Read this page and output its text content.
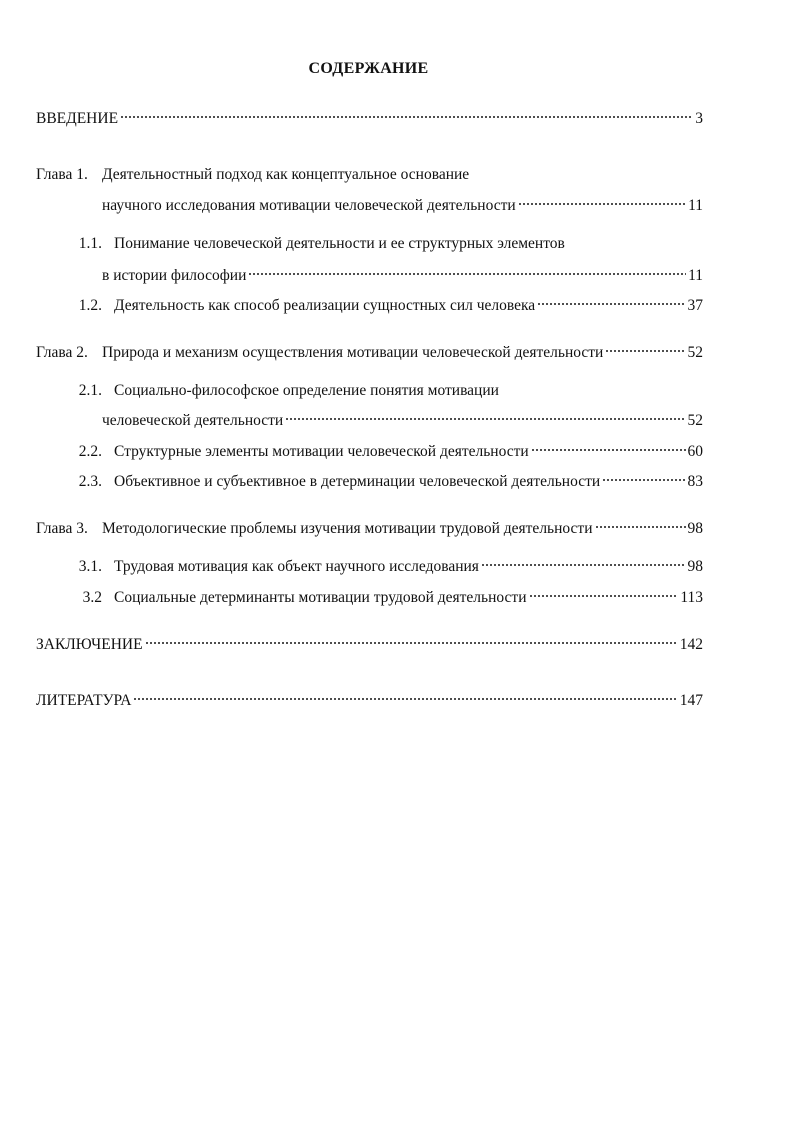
СОДЕРЖАНИЕ
ВВЕДЕНИЕ	3
Глава 1. Деятельностный подход как концептуальное основание
научного исследования мотивации человеческой деятельности	11
1.1. Понимание человеческой деятельности и ее структурных элементов
в истории философии	11
1.2. Деятельность как способ реализации сущностных сил человека	37
Глава 2. Природа и механизм осуществления мотивации человеческой деятельности	52
2.1. Социально-философское определение понятия мотивации
человеческой деятельности	52
2.2. Структурные элементы мотивации человеческой деятельности	60
2.3. Объективное и субъективное в детерминации человеческой деятельности	83
Глава 3. Методологические проблемы изучения мотивации трудовой деятельности	98
3.1. Трудовая мотивация как объект научного исследования	98
3.2 Социальные детерминанты мотивации трудовой деятельности	113
ЗАКЛЮЧЕНИЕ	142
ЛИТЕРАТУРА	147
